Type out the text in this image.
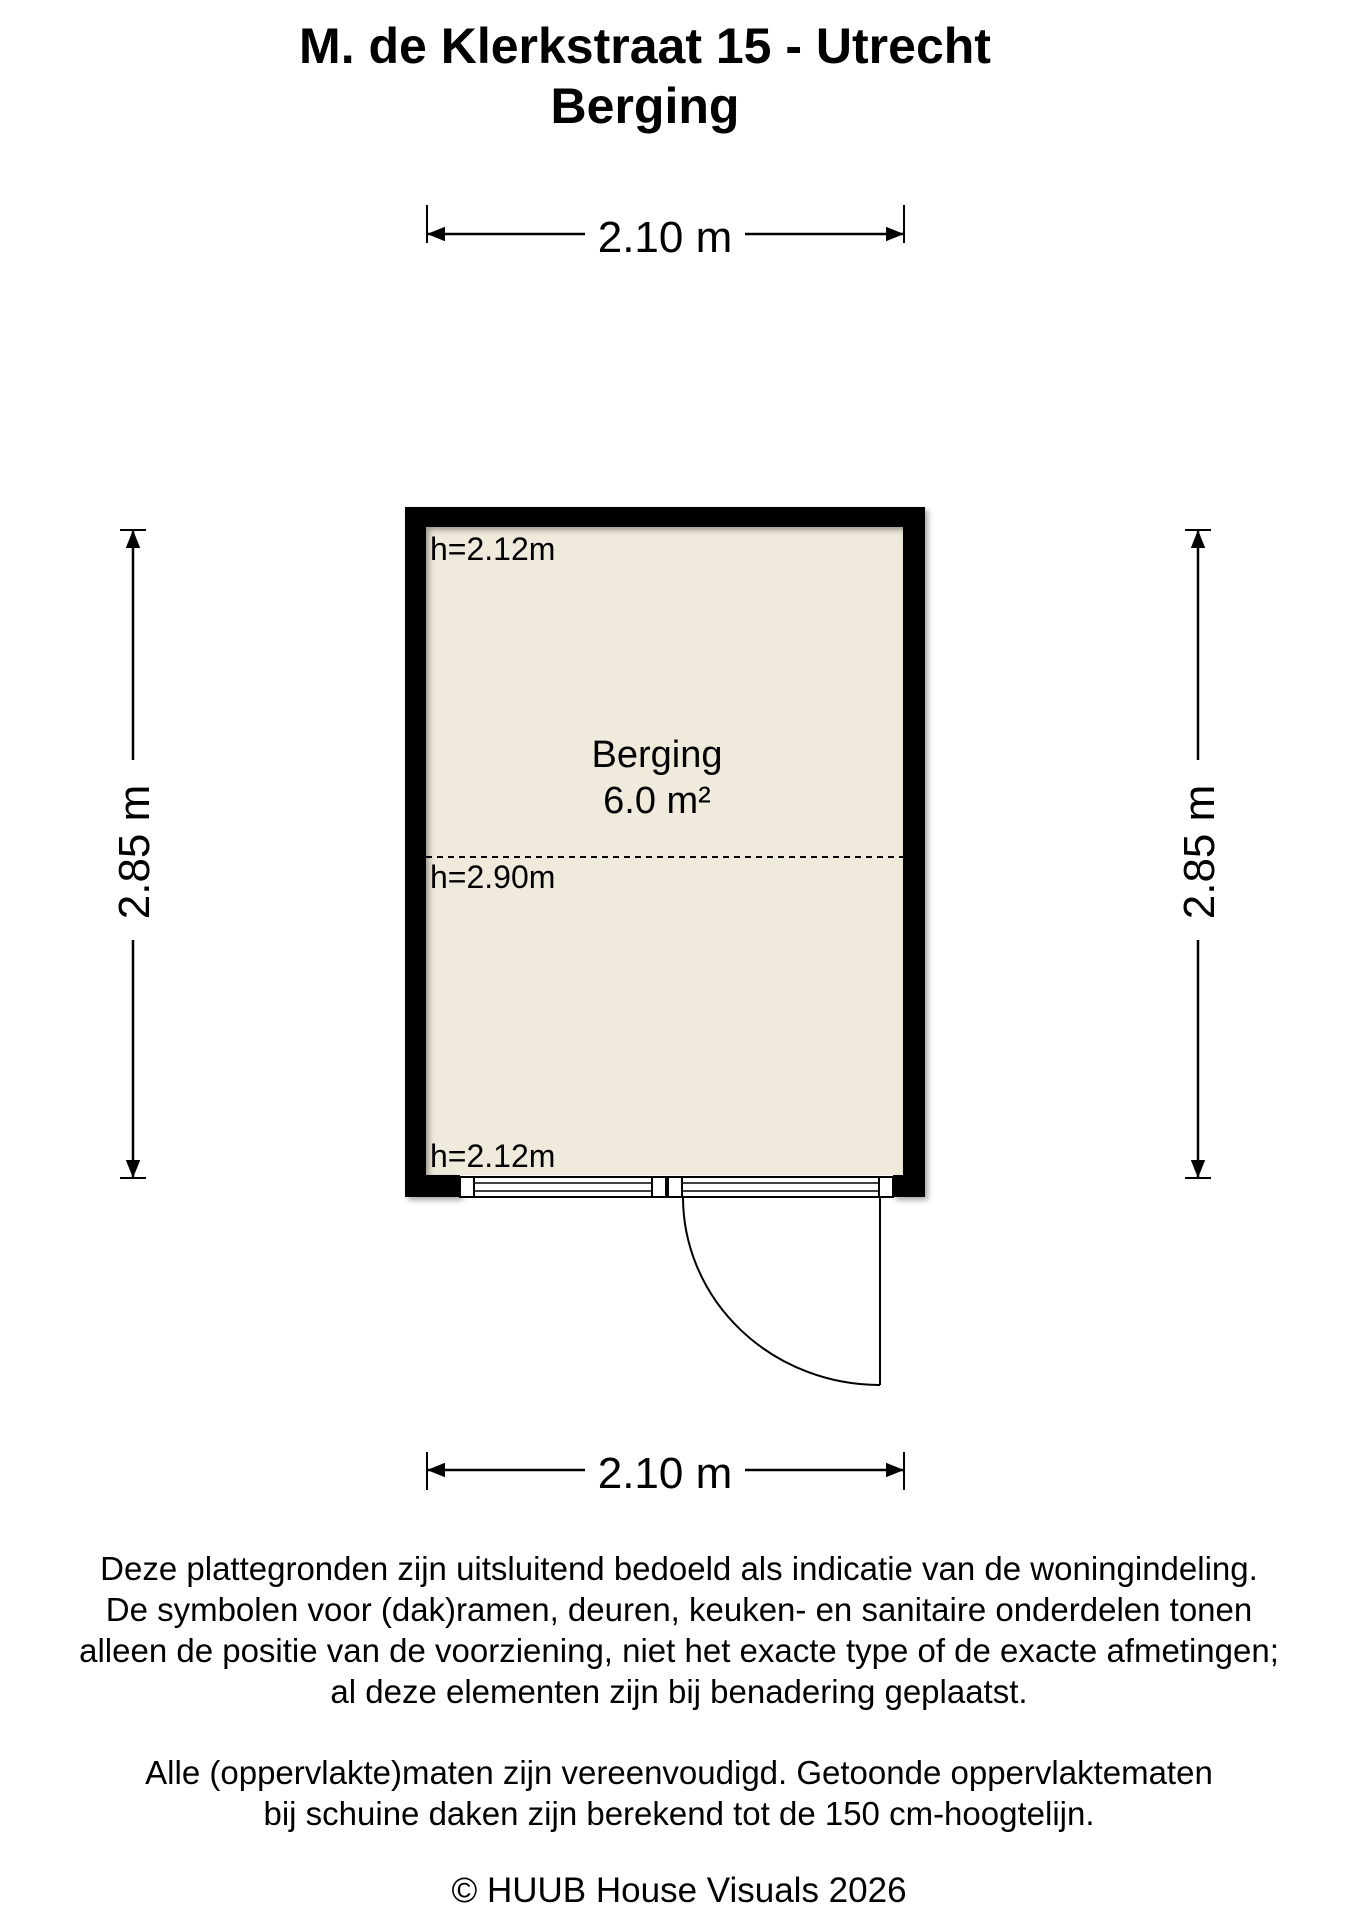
M. de Klerkstraat 15 - Utrecht
Berging
2.10 m
2.10 m
2.85 m	2.85 m
Berging
6.0 m²
h=2.12m
h=2.90m
h=2.12m
Deze plattegronden zijn uitsluitend bedoeld als indicatie van de woningindeling.
De symbolen voor (dak)ramen, deuren, keuken- en sanitaire onderdelen tonen
alleen de positie van de voorziening, niet het exacte type of de exacte afmetingen;
al deze elementen zijn bij benadering geplaatst.
Alle (oppervlakte)maten zijn vereenvoudigd. Getoonde oppervlaktematen
bij schuine daken zijn berekend tot de 150 cm-hoogtelijn.
© HUUB House Visuals 2026
